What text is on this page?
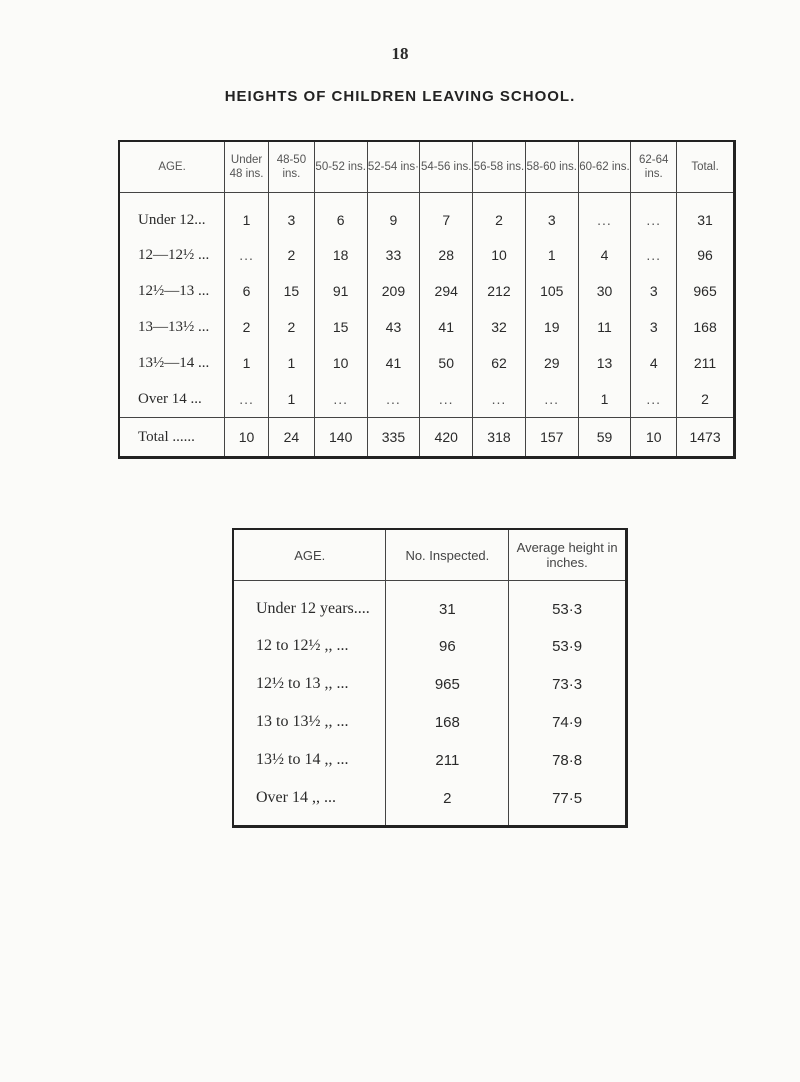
18
HEIGHTS OF CHILDREN LEAVING SCHOOL.
AGE.	Under 48 ins.	48-50 ins.	50-52 ins.	52-54 ins·	54-56 ins.	56-58 ins.	58-60 ins.	60-62 ins.	62-64 ins.	Total.
Under 12...	1	3	6	9	7	2	3	...	...	31
12—12½ ...	...	2	18	33	28	10	1	4	...	96
12½—13 ...	6	15	91	209	294	212	105	30	3	965
13—13½ ...	2	2	15	43	41	32	19	11	3	168
13½—14 ...	1	1	10	41	50	62	29	13	4	211
Over 14 ...	...	1	...	...	...	...	...	1	...	2
Total ......	10	24	140	335	420	318	157	59	10	1473
AGE.	No. Inspected.	Average height in inches.
Under 12 years....	31	53·3
12 to 12½ ,, ...	96	53·9
12½ to 13 ,, ...	965	73·3
13 to 13½ ,, ...	168	74·9
13½ to 14 ,, ...	211	78·8
Over 14 ,, ...	2	77·5
